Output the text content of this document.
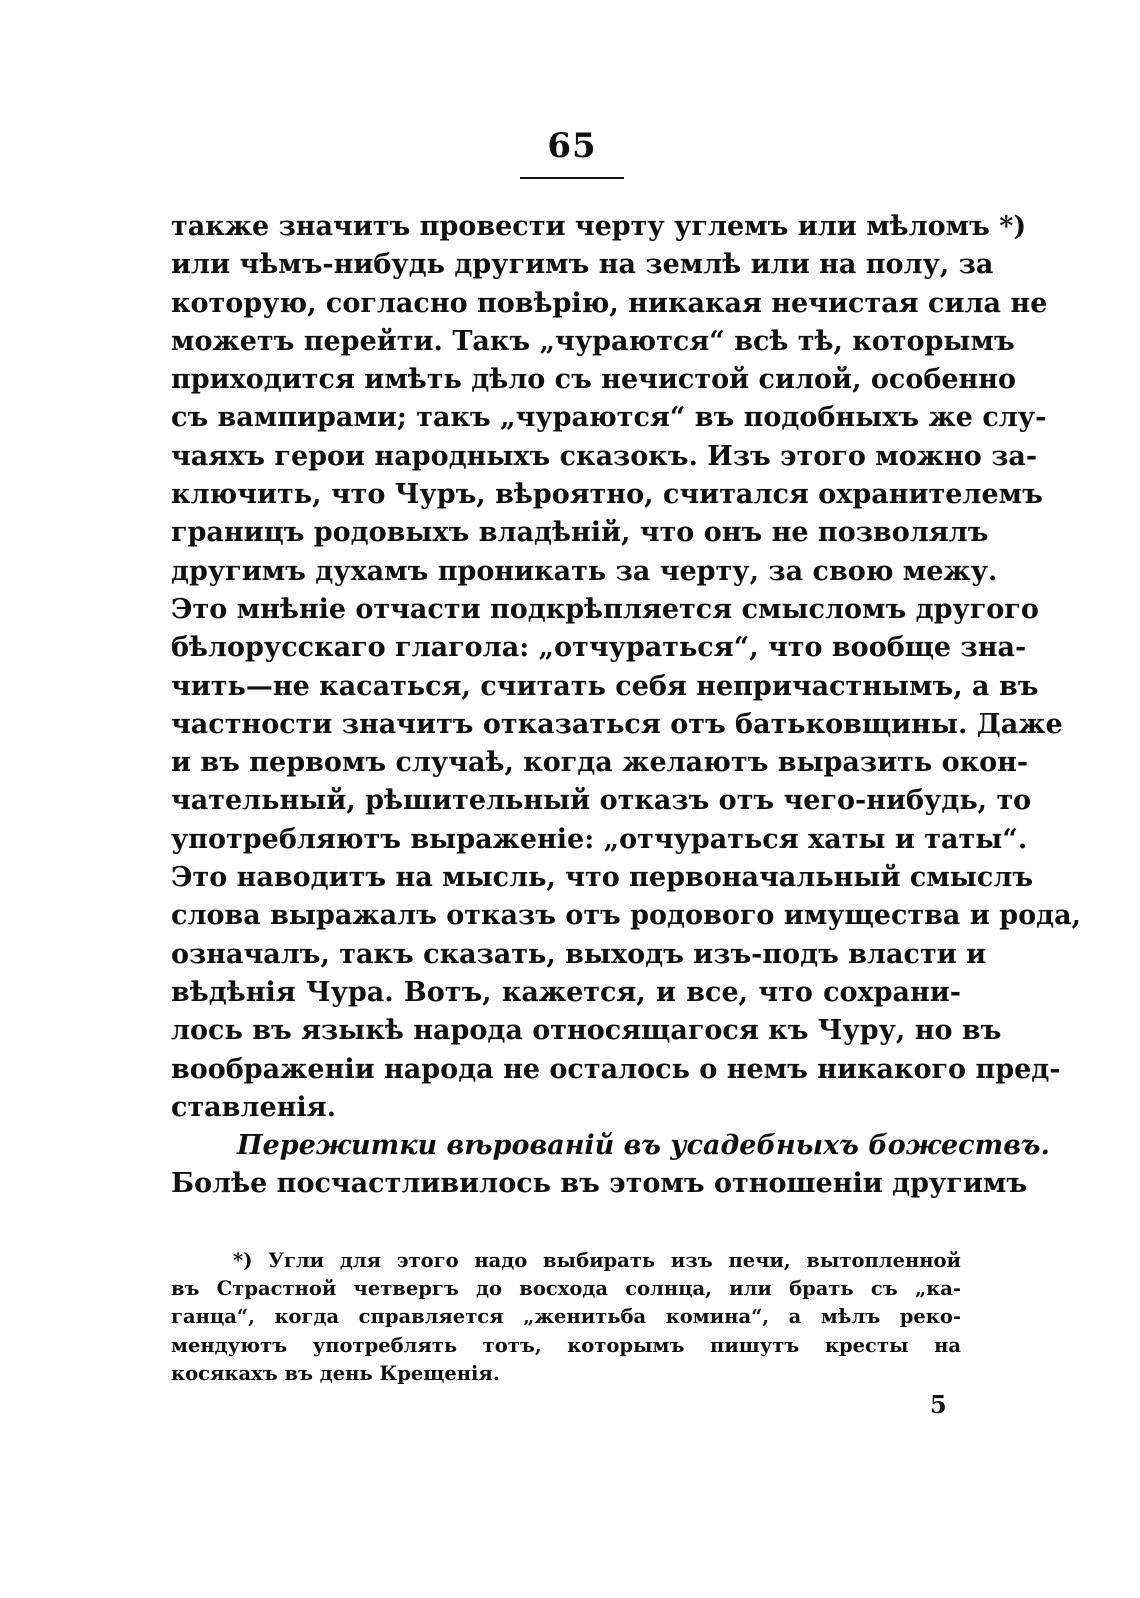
65
также значитъ провести черту углемъ или мѣломъ *)
или чѣмъ-нибудь другимъ на землѣ или на полу, за
которую, согласно повѣрію, никакая нечистая сила не
можетъ перейти. Такъ „чураются“ всѣ тѣ, которымъ
приходится имѣть дѣло съ нечистой силой, особенно
съ вампирами; такъ „чураются“ въ подобныхъ же слу-
чаяхъ герои народныхъ сказокъ. Изъ этого можно за-
ключить, что Чуръ, вѣроятно, считался охранителемъ
границъ родовыхъ владѣній, что онъ не позволялъ
другимъ духамъ проникать за черту, за свою межу.
Это мнѣніе отчасти подкрѣпляется смысломъ другого
бѣлорусскаго глагола: „отчураться“, что вообще зна-
чить—не касаться, считать себя непричастнымъ, а въ
частности значитъ отказаться отъ батьковщины. Даже
и въ первомъ случаѣ, когда желаютъ выразить окон-
чательный, рѣшительный отказъ отъ чего-нибудь, то
употребляютъ выраженіе: „отчураться хаты и таты“.
Это наводитъ на мысль, что первоначальный смыслъ
слова выражалъ отказъ отъ родового имущества и рода,
означалъ, такъ сказать, выходъ изъ-подъ власти и
вѣдѣнія Чура. Вотъ, кажется, и все, что сохрани-
лось въ языкѣ народа относящагося къ Чуру, но въ
воображеніи народа не осталось о немъ никакого пред-
ставленія.
Пережитки вѣрованій въ усадебныхъ божествъ.
Болѣе посчастливилось въ этомъ отношеніи другимъ
*) Угли для этого надо выбирать изъ печи, вытопленной
въ Страстной четвергъ до восхода солнца, или брать съ „ка-
ганца“, когда справляется „женитьба комина“, а мѣлъ реко-
мендуютъ употреблять тотъ, которымъ пишутъ кресты на
косякахъ въ день Крещенія.
5
